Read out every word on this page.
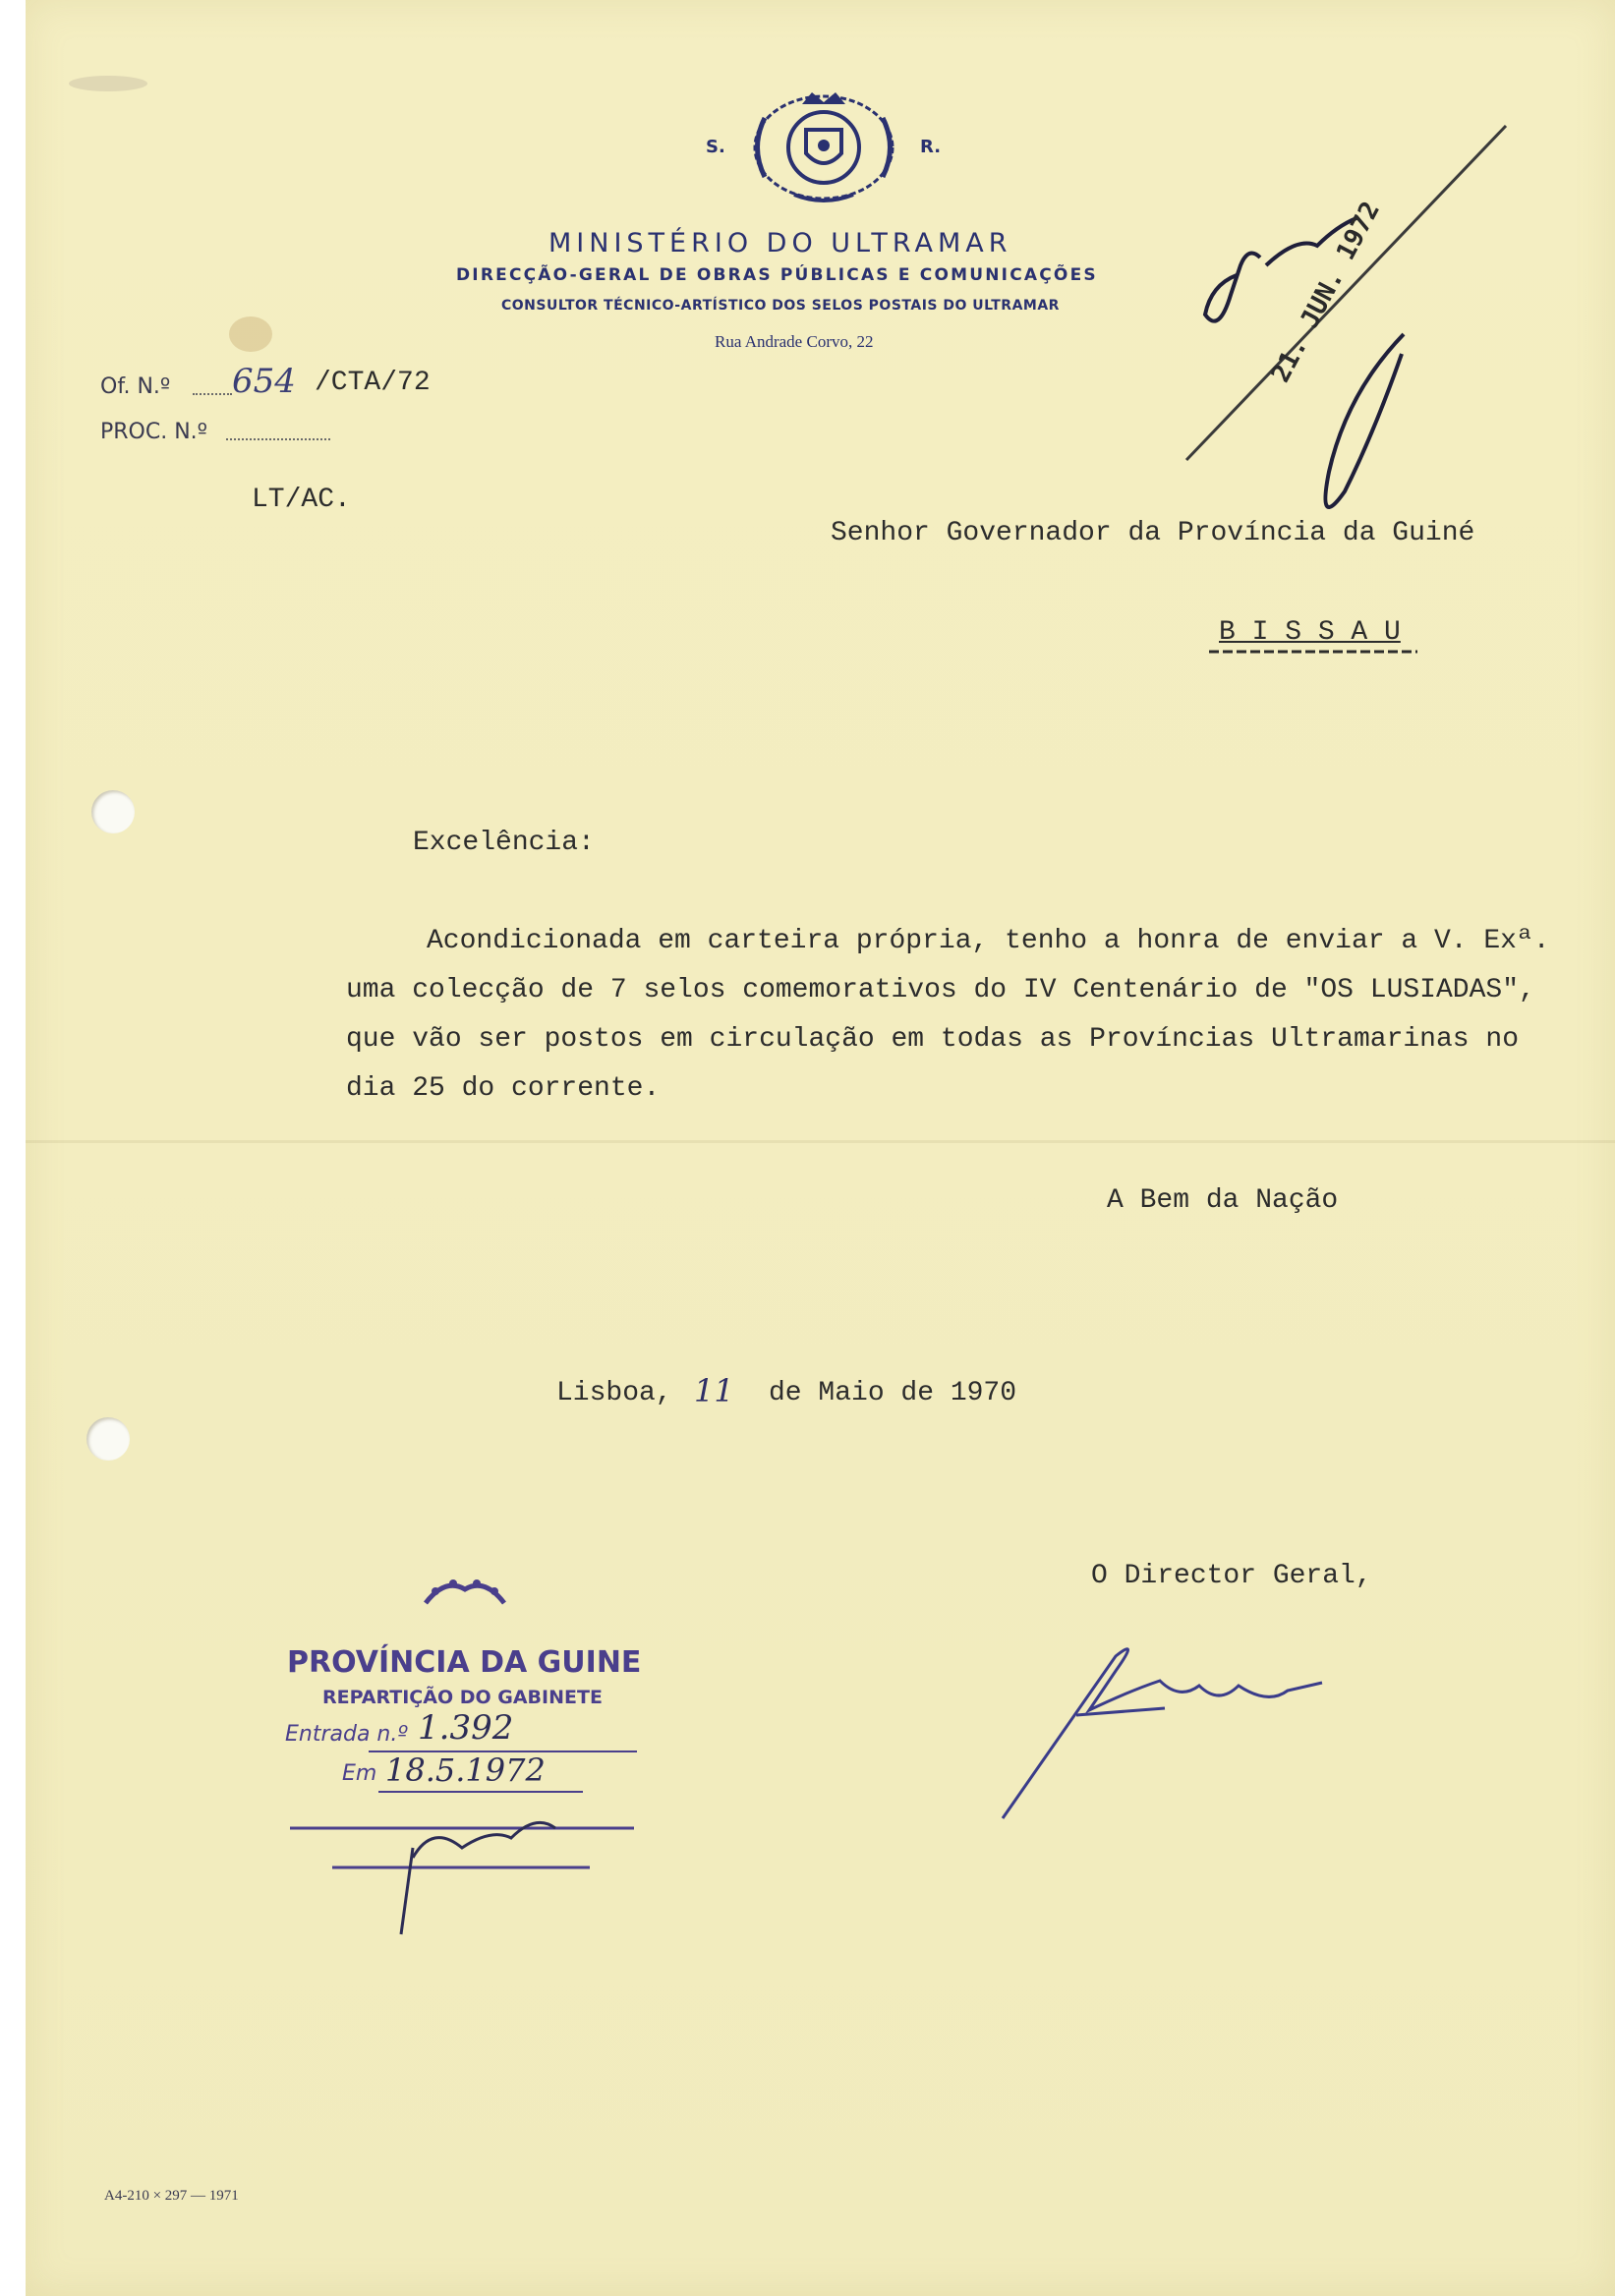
S.	R.
MINISTÉRIO DO ULTRAMAR
DIRECÇÃO-GERAL DE OBRAS PÚBLICAS E COMUNICAÇÕES
CONSULTOR TÉCNICO-ARTÍSTICO DOS SELOS POSTAIS DO ULTRAMAR
Rua Andrade Corvo, 22
Of. N.º 654 /CTA/72
PROC. N.º
LT/AC.
21. JUN. 1972
Senhor Governador da Província da Guiné
B I S S A U
Excelência:
Acondicionada em carteira própria, tenho a honra de enviar a V. Exª.
uma colecção de 7 selos comemorativos do IV Centenário de "OS LUSIADAS",
que vão ser postos em circulação em todas as Províncias Ultramarinas no
dia 25 do corrente.
A Bem da Nação
Lisboa, 11 de Maio de 1970
O Director Geral,
PROVÍNCIA DA GUINE
REPARTIÇÃO DO GABINETE
Entrada n.º 1.392
Em 18.5.1972
A4-210 × 297 — 1971
